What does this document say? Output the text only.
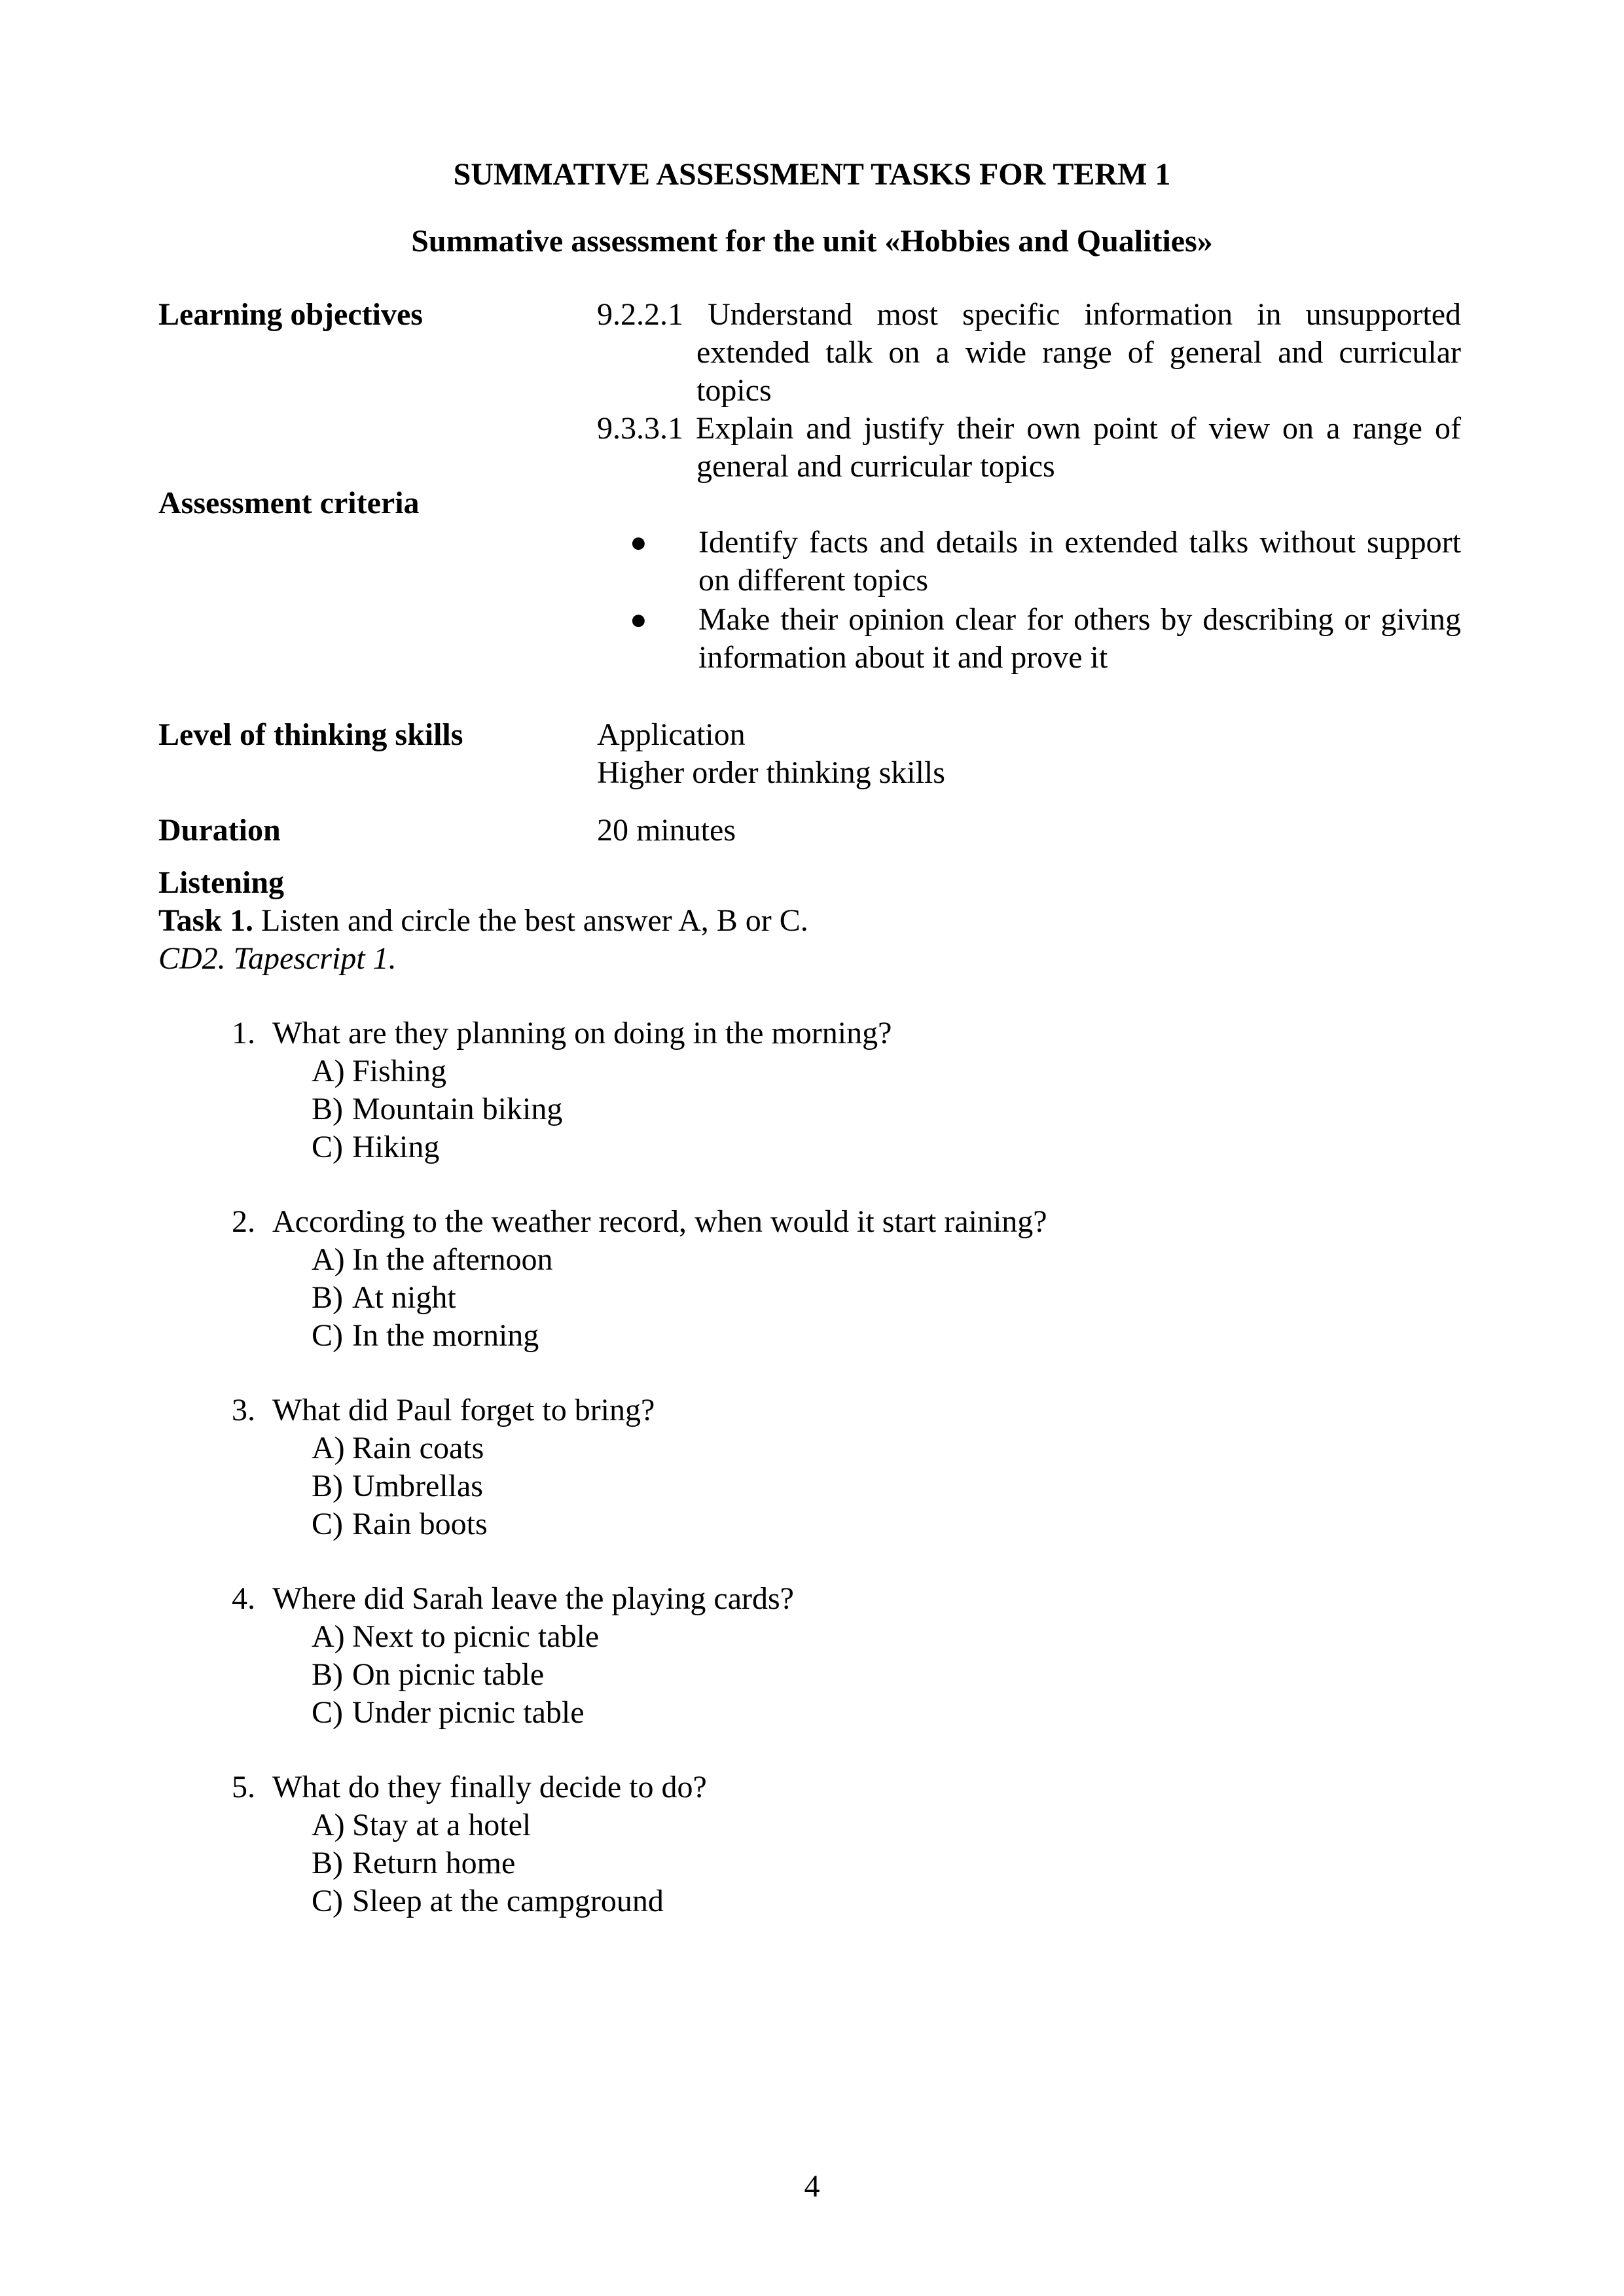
SUMMATIVE ASSESSMENT TASKS FOR TERM 1
Summative assessment for the unit «Hobbies and Qualities»
Learning objectives	9.2.2.1 Understand most specific information in unsupported extended talk on a wide range of general and curricular topics
9.3.3.1 Explain and justify their own point of view on a range of general and curricular topics
Assessment criteria
● Identify facts and details in extended talks without support on different topics
● Make their opinion clear for others by describing or giving information about it and prove it
Level of thinking skills	Application
Higher order thinking skills
Duration	20 minutes
Listening
Task 1. Listen and circle the best answer A, B or C.
CD2. Tapescript 1.
1. What are they planning on doing in the morning?
A) Fishing
B) Mountain biking
C) Hiking
2. According to the weather record, when would it start raining?
A) In the afternoon
B) At night
C) In the morning
3. What did Paul forget to bring?
A) Rain coats
B) Umbrellas
C) Rain boots
4. Where did Sarah leave the playing cards?
A) Next to picnic table
B) On picnic table
C) Under picnic table
5. What do they finally decide to do?
A) Stay at a hotel
B) Return home
C) Sleep at the campground
4
